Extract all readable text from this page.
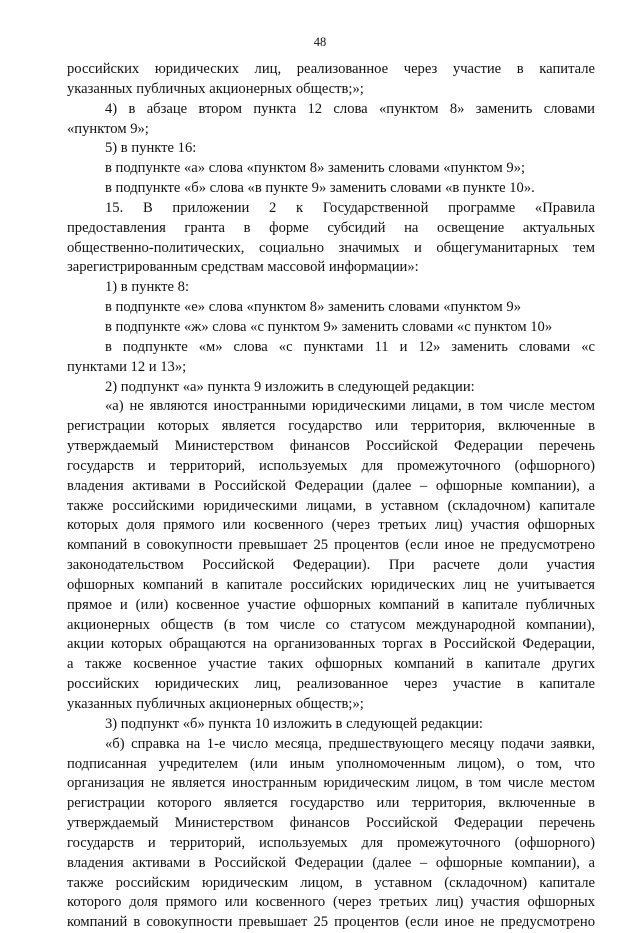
48
российских юридических лиц, реализованное через участие в капитале
указанных публичных акционерных обществ;»;
4) в абзаце втором пункта 12 слова «пунктом 8» заменить словами
«пунктом 9»;
5) в пункте 16:
в подпункте «а» слова «пунктом 8» заменить словами «пунктом 9»;
в подпункте «б» слова «в пункте 9» заменить словами «в пункте 10».
15. В приложении 2 к Государственной программе «Правила
предоставления гранта в форме субсидий на освещение актуальных
общественно-политических, социально значимых и общегуманитарных тем
зарегистрированным средствам массовой информации»:
1) в пункте 8:
в подпункте «е» слова «пунктом 8» заменить словами «пунктом 9»
в подпункте «ж» слова «с пунктом 9» заменить словами «с пунктом 10»
в подпункте «м» слова «с пунктами 11 и 12» заменить словами «с
пунктами 12 и 13»;
2) подпункт «а» пункта 9 изложить в следующей редакции:
«а) не являются иностранными юридическими лицами, в том числе местом
регистрации которых является государство или территория, включенные в
утверждаемый Министерством финансов Российской Федерации перечень
государств и территорий, используемых для промежуточного (офшорного)
владения активами в Российской Федерации (далее – офшорные компании), а
также российскими юридическими лицами, в уставном (складочном) капитале
которых доля прямого или косвенного (через третьих лиц) участия офшорных
компаний в совокупности превышает 25 процентов (если иное не предусмотрено
законодательством Российской Федерации). При расчете доли участия
офшорных компаний в капитале российских юридических лиц не учитывается
прямое и (или) косвенное участие офшорных компаний в капитале публичных
акционерных обществ (в том числе со статусом международной компании),
акции которых обращаются на организованных торгах в Российской Федерации,
а также косвенное участие таких офшорных компаний в капитале других
российских юридических лиц, реализованное через участие в капитале
указанных публичных акционерных обществ;»;
3) подпункт «б» пункта 10 изложить в следующей редакции:
«б) справка на 1-е число месяца, предшествующего месяцу подачи заявки,
подписанная учредителем (или иным уполномоченным лицом), о том, что
организация не является иностранным юридическим лицом, в том числе местом
регистрации которого является государство или территория, включенные в
утверждаемый Министерством финансов Российской Федерации перечень
государств и территорий, используемых для промежуточного (офшорного)
владения активами в Российской Федерации (далее – офшорные компании), а
также российским юридическим лицом, в уставном (складочном) капитале
которого доля прямого или косвенного (через третьих лиц) участия офшорных
компаний в совокупности превышает 25 процентов (если иное не предусмотрено
